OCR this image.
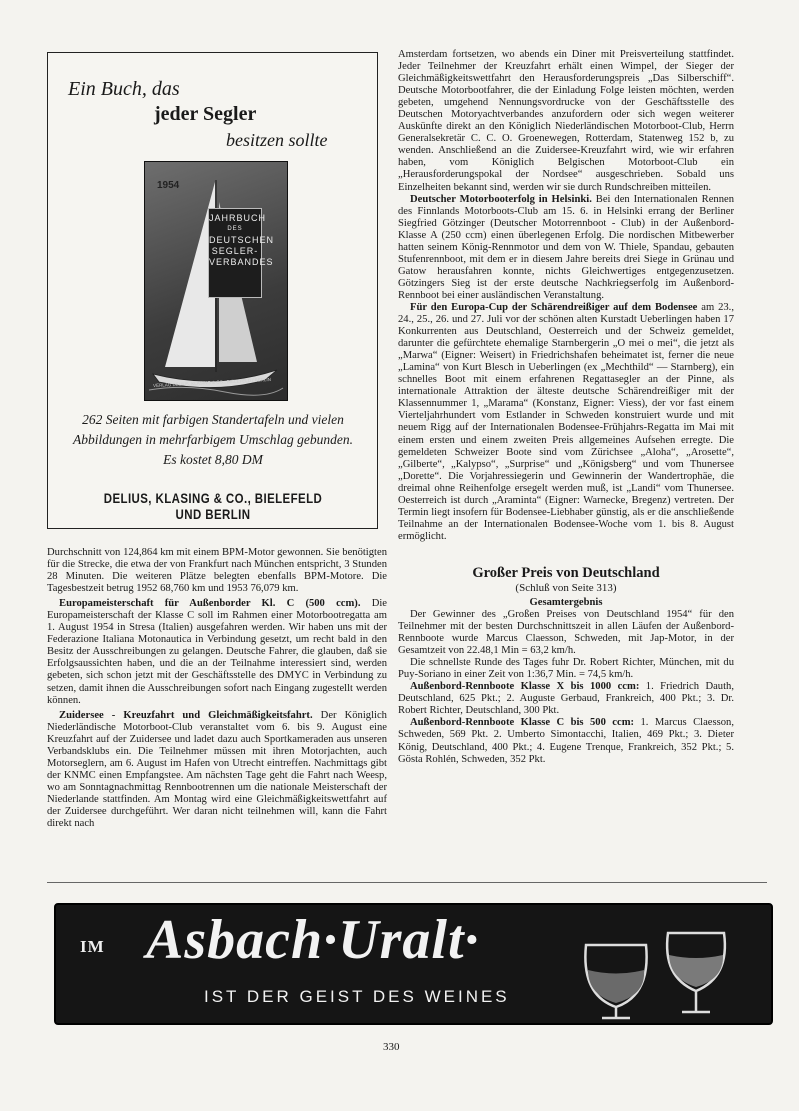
Ein Buch, das
jeder Segler
besitzen sollte
1954
JAHRBUCH
DES
DEUTSCHEN
SEGLER-
VERBANDES
VERLAG DELIUS, KLASING & CO., BIELEFELD / BERLIN
262 Seiten mit farbigen Standertafeln und vielen
Abbildungen in mehrfarbigem Umschlag gebunden.
Es kostet 8,80 DM
DELIUS, KLASING & CO., BIELEFELD UND BERLIN

Durchschnitt von 124,864 km mit einem BPM-Motor gewonnen. Sie benötigten für die Strecke, die etwa der von Frankfurt nach München entspricht, 3 Stunden 28 Minuten. Die weiteren Plätze belegten ebenfalls BPM-Motore. Die Tagesbestzeit betrug 1952 68,760 km und 1953 76,079 km.

Europameisterschaft für Außenborder Kl. C (500 ccm). Die Europameisterschaft der Klasse C soll im Rahmen einer Motorbootregatta am 1. August 1954 in Stresa (Italien) ausgefahren werden. Wir haben uns mit der Federazione Italiana Motonautica in Verbindung gesetzt, um recht bald in den Besitz der Ausschreibungen zu gelangen. Deutsche Fahrer, die glauben, daß sie Erfolgsaussichten haben, und die an der Teilnahme interessiert sind, werden gebeten, sich schon jetzt mit der Geschäftsstelle des DMYC in Verbindung zu setzen, damit ihnen die Ausschreibungen sofort nach Eingang zugestellt werden können.

Zuidersee - Kreuzfahrt und Gleichmäßigkeitsfahrt. Der Königlich Niederländische Motorboot-Club veranstaltet vom 6. bis 9. August eine Kreuzfahrt auf der Zuidersee und ladet dazu auch Sportkameraden aus unseren Verbandsklubs ein. Die Teilnehmer müssen mit ihren Motorjachten, auch Motorseglern, am 6. August im Hafen von Utrecht eintreffen. Nachmittags gibt der KNMC einen Empfangstee. Am nächsten Tage geht die Fahrt nach Weesp, wo am Sonntagnachmittag Rennbootrennen um die nationale Meisterschaft der Niederlande stattfinden. Am Montag wird eine Gleichmäßigkeitswettfahrt auf der Zuidersee durchgeführt. Wer daran nicht teilnehmen will, kann die Fahrt direkt nach

Amsterdam fortsetzen, wo abends ein Diner mit Preisverteilung stattfindet. Jeder Teilnehmer der Kreuzfahrt erhält einen Wimpel, der Sieger der Gleichmäßigkeitswettfahrt den Herausforderungspreis „Das Silberschiff“. Deutsche Motorbootfahrer, die der Einladung Folge leisten möchten, werden gebeten, umgehend Nennungsvordrucke von der Geschäftsstelle des Deutschen Motoryachtverbandes anzufordern oder sich wegen weiterer Auskünfte direkt an den Königlich Niederländischen Motorboot-Club, Herrn Generalsekretär C. C. O. Groenewegen, Rotterdam, Statenweg 152 b, zu wenden. Anschließend an die Zuidersee-Kreuzfahrt wird, wie wir erfahren haben, vom Königlich Belgischen Motorboot-Club ein „Herausforderungspokal der Nordsee“ ausgeschrieben. Sobald uns Einzelheiten bekannt sind, werden wir sie durch Rundschreiben mitteilen.

Deutscher Motorbooterfolg in Helsinki. Bei den Internationalen Rennen des Finnlands Motorboots-Club am 15. 6. in Helsinki errang der Berliner Siegfried Götzinger (Deutscher Motorrennboot - Club) in der Außenbord-Klasse A (250 ccm) einen überlegenen Erfolg. Die nordischen Mitbewerber hatten seinem König-Rennmotor und dem von W. Thiele, Spandau, gebauten Stufenrennboot, mit dem er in diesem Jahre bereits drei Siege in Grünau und Gatow herausfahren konnte, nichts Gleichwertiges entgegenzusetzen. Götzingers Sieg ist der erste deutsche Nachkriegserfolg im Außenbord-Rennboot bei einer ausländischen Veranstaltung.

Für den Europa-Cup der Schärendreißiger auf dem Bodensee am 23., 24., 25., 26. und 27. Juli vor der schönen alten Kurstadt Ueberlingen haben 17 Konkurrenten aus Deutschland, Oesterreich und der Schweiz gemeldet, darunter die gefürchtete ehemalige Starnbergerin „O mei o mei“, die jetzt als „Marwa“ (Eigner: Weisert) in Friedrichshafen beheimatet ist, ferner die neue „Lamina“ von Kurt Blesch in Ueberlingen (ex „Mechthild“ — Starnberg), ein schnelles Boot mit einem erfahrenen Regattasegler an der Pinne, als internationale Attraktion der älteste deutsche Schärendreißiger mit der Klassennummer 1, „Marama“ (Konstanz, Eigner: Viess), der vor fast einem Vierteljahrhundert vom Estlander in Schweden konstruiert wurde und mit neuem Rigg auf der Internationalen Bodensee-Frühjahrs-Regatta im Mai mit einem ersten und einem zweiten Preis allgemeines Aufsehen erregte. Die gemeldeten Schweizer Boote sind vom Zürichsee „Aloha“, „Arosette“, „Gilberte“, „Kalypso“, „Surprise“ und „Königsberg“ und vom Thunersee „Dorette“. Die Vorjahressiegerin und Gewinnerin der Wandertrophäe, die dreimal ohne Reihenfolge ersegelt werden muß, ist „Landi“ vom Thunersee. Oesterreich ist durch „Araminta“ (Eigner: Warnecke, Bregenz) vertreten. Der Termin liegt insofern für Bodensee-Liebhaber günstig, als er die anschließende Teilnahme an der Internationalen Bodensee-Woche vom 1. bis 8. August ermöglicht.

Großer Preis von Deutschland
(Schluß von Seite 313)
Gesamtergebnis

Der Gewinner des „Großen Preises von Deutschland 1954“ für den Teilnehmer mit der besten Durchschnittszeit in allen Läufen der Außenbord-Rennboote wurde Marcus Claesson, Schweden, mit Jap-Motor, in der Gesamtzeit von 22.48,1 Min = 63,2 km/h.

Die schnellste Runde des Tages fuhr Dr. Robert Richter, München, mit du Puy-Soriano in einer Zeit von 1:36,7 Min. = 74,5 km/h.

Außenbord-Rennboote Klasse X bis 1000 ccm: 1. Friedrich Dauth, Deutschland, 625 Pkt.; 2. Auguste Gerbaud, Frankreich, 400 Pkt.; 3. Dr. Robert Richter, Deutschland, 300 Pkt.

Außenbord-Rennboote Klasse C bis 500 ccm: 1. Marcus Claesson, Schweden, 569 Pkt. 2. Umberto Simontacchi, Italien, 469 Pkt.; 3. Dieter König, Deutschland, 400 Pkt.; 4. Eugene Trenque, Frankreich, 352 Pkt.; 5. Gösta Rohlén, Schweden, 352 Pkt.

IM Asbach·Uralt·
IST DER GEIST DES WEINES
330
